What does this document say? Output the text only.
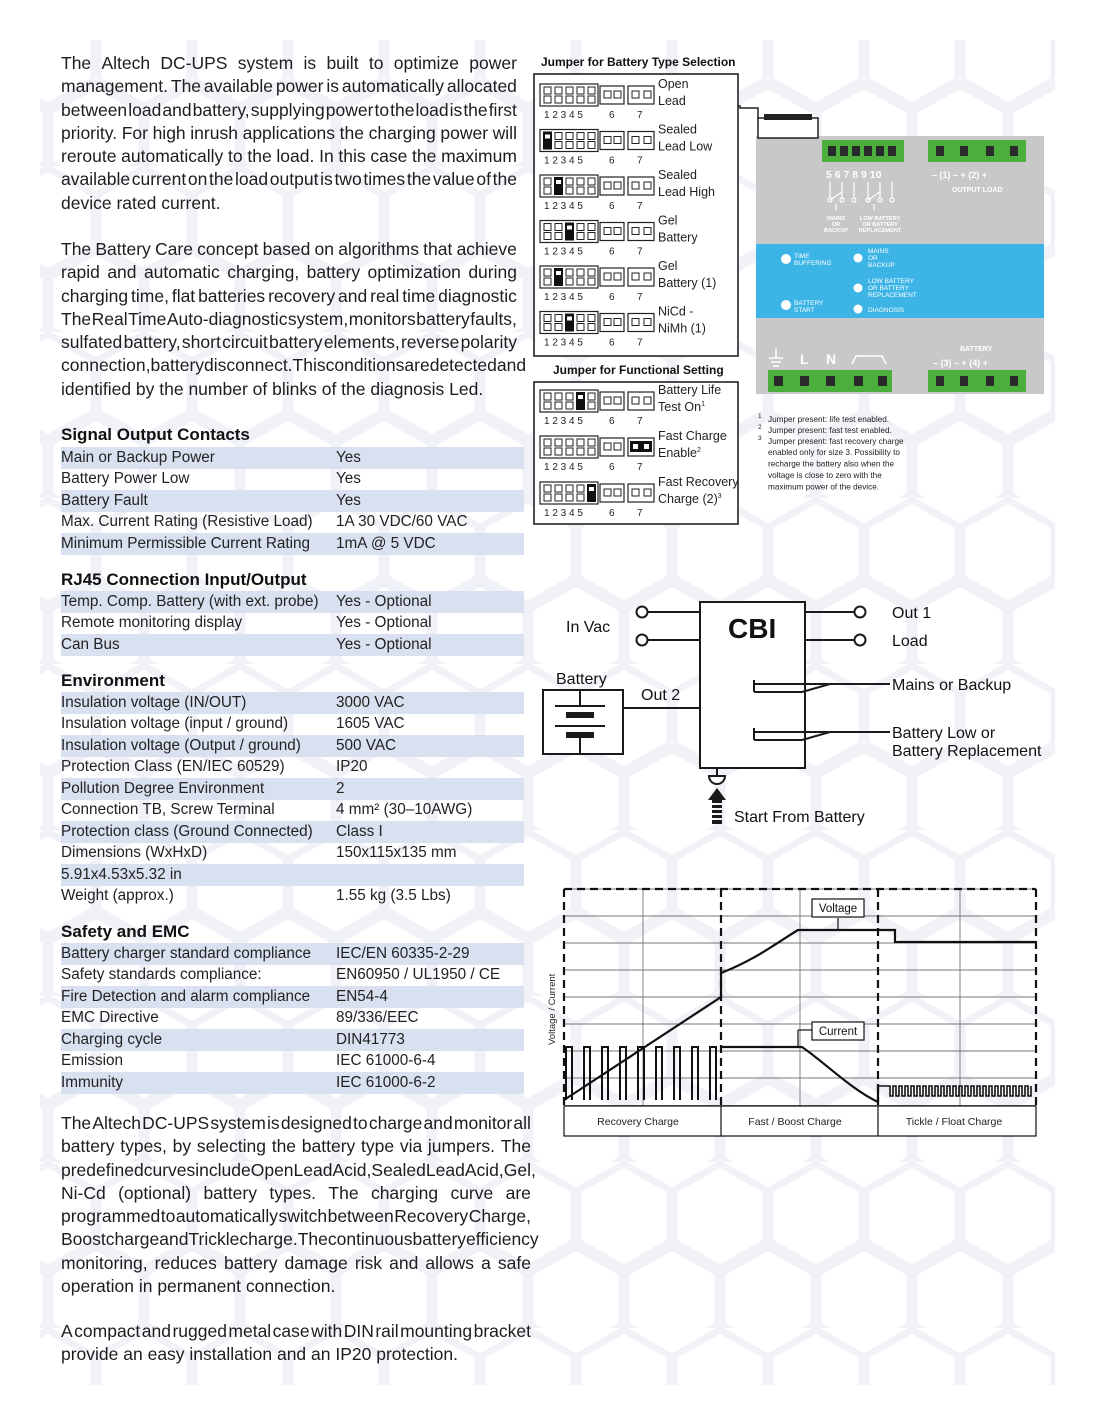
The Altech DC-UPS system is built to optimize power
management. The available power is automatically allocated
between load and battery, supplying power to the load is the first
priority. For high inrush applications the charging power will
reroute automatically to the load. In this case the maximum
available current on the load output is two times the value of the
device rated current.
The Battery Care concept based on algorithms that achieve
rapid and automatic charging, battery optimization during
charging time, flat batteries recovery and real time diagnostic
The Real Time Auto-diagnostic system, monitors battery faults,
sulfated battery, short circuit battery elements, reverse polarity
connection, battery disconnect. This conditions are detected and
identified by the number of blinks of the diagnosis Led.
Signal Output Contacts
Main or Backup Power	Yes
Battery Power Low	Yes
Battery Fault	Yes
Max. Current Rating (Resistive Load)	1A 30 VDC/60 VAC
Minimum Permissible Current Rating	1mA @ 5 VDC
RJ45 Connection Input/Output
Temp. Comp. Battery (with ext. probe)	Yes - Optional
Remote monitoring display	Yes - Optional
Can Bus	Yes - Optional
Environment
Insulation voltage (IN/OUT)	3000 VAC
Insulation voltage (input / ground)	1605 VAC
Insulation voltage (Output / ground)	500 VAC
Protection Class (EN/IEC 60529)	IP20
Pollution Degree Environment	2
Connection TB, Screw Terminal	4 mm² (30–10AWG)
Protection class (Ground Connected)	Class I
Dimensions (WxHxD)	150x115x135 mm
5.91x4.53x5.32 in	
Weight (approx.)	1.55 kg (3.5 Lbs)
Safety and EMC
Battery charger standard compliance	IEC/EN 60335-2-29
Safety standards compliance:	EN60950 / UL1950 / CE
Fire Detection and alarm compliance	EN54-4
EMC Directive	89/336/EEC
Charging cycle	DIN41773
Emission	IEC 61000-6-4
Immunity	IEC 61000-6-2
The Altech DC-UPS system is designed to charge and monitor all
battery types, by selecting the battery type via jumpers. The
predefined curves include Open Lead Acid, Sealed Lead Acid, Gel,
Ni-Cd (optional) battery types. The charging curve are
programmed to automatically switch between Recovery Charge,
Boost charge and Trickle charge. The continuous battery efficiency
monitoring, reduces battery damage risk and allows a safe
operation in permanent connection.
A compact and rugged metal case with DIN rail mounting bracket
provide an easy installation and an IP20 protection.
Jumper for Battery Type Selection
1 2 3 4 5	6 7
Open
Lead
1 2 3 4 5	6 7
Sealed
Lead Low
1 2 3 4 5	6 7
Sealed
Lead High
1 2 3 4 5	6 7
Gel
Battery
1 2 3 4 5	6 7
Gel
Battery (1)
1 2 3 4 5	6 7
NiCd -
NiMh (1)
Jumper for Functional Setting
1 2 3 4 5	6 7
Battery Life
Test On$^1$
1 2 3 4 5	6 7
Fast Charge
Enable$^2$
1 2 3 4 5	6 7
Fast Recovery
Charge $(2)^3$
5 6 7 8 9 10	– (1) – + (2) +
OUTPUT LOAD
MAINS
OR
BACKUP
LOW BATTERY
OR BATTERY
REPLACEMENT
TIME
BUFFERING
MAINS
OR
BACKUP
LOW BATTERY
OR BATTERY
REPLACEMENT
BATTERY
START	DIAGNOSIS
BATTERY
– (3) – + (4) +
L N
1 Jumper present: life test enabled.
2 Jumper present: fast test enabled.
3 Jumper present: fast recovery charge
enabled only for size 3. Possibility to
recharge the battery also when the
voltage is close to zero with the
maximum power of the device.
CBI
In Vac
Out 1
Load
Battery
Out 2
Mains or Backup
Battery Low or
Battery Replacement
Start From Battery
Voltage
Current
Voltage / Current
Recovery Charge	Fast / Boost Charge	Tickle / Float Charge
